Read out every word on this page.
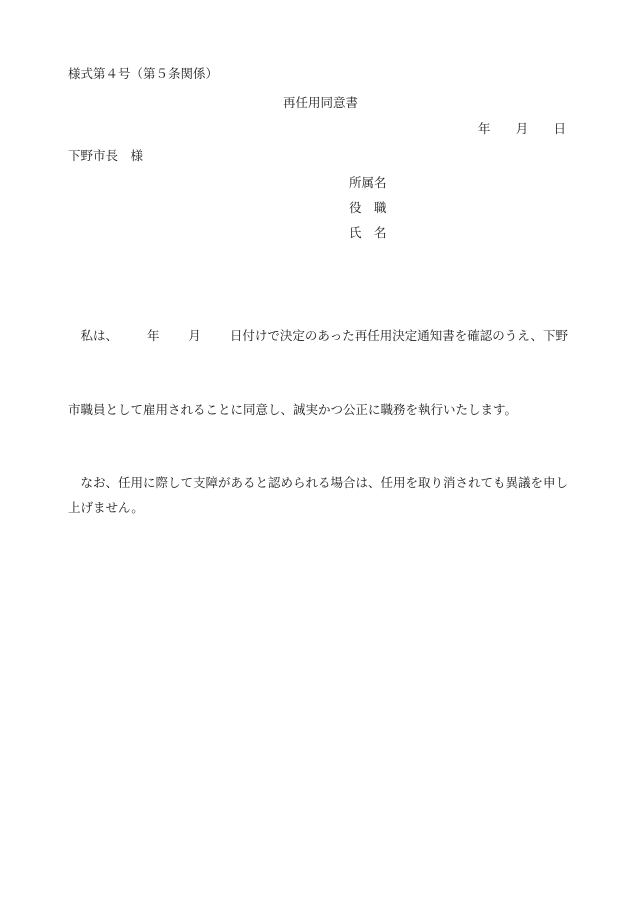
様式第４号（第５条関係）
再任用同意書
年 月 日
下野市長　様
所属名
役　職
氏　名

　私は、 年 月 日付けで決定のあった再任用決定通知書を確認のうえ、下野

市職員として雇用されることに同意し、誠実かつ公正に職務を執行いたします。

　なお、任用に際して支障があると認められる場合は、任用を取り消されても異議を申し上げません。
